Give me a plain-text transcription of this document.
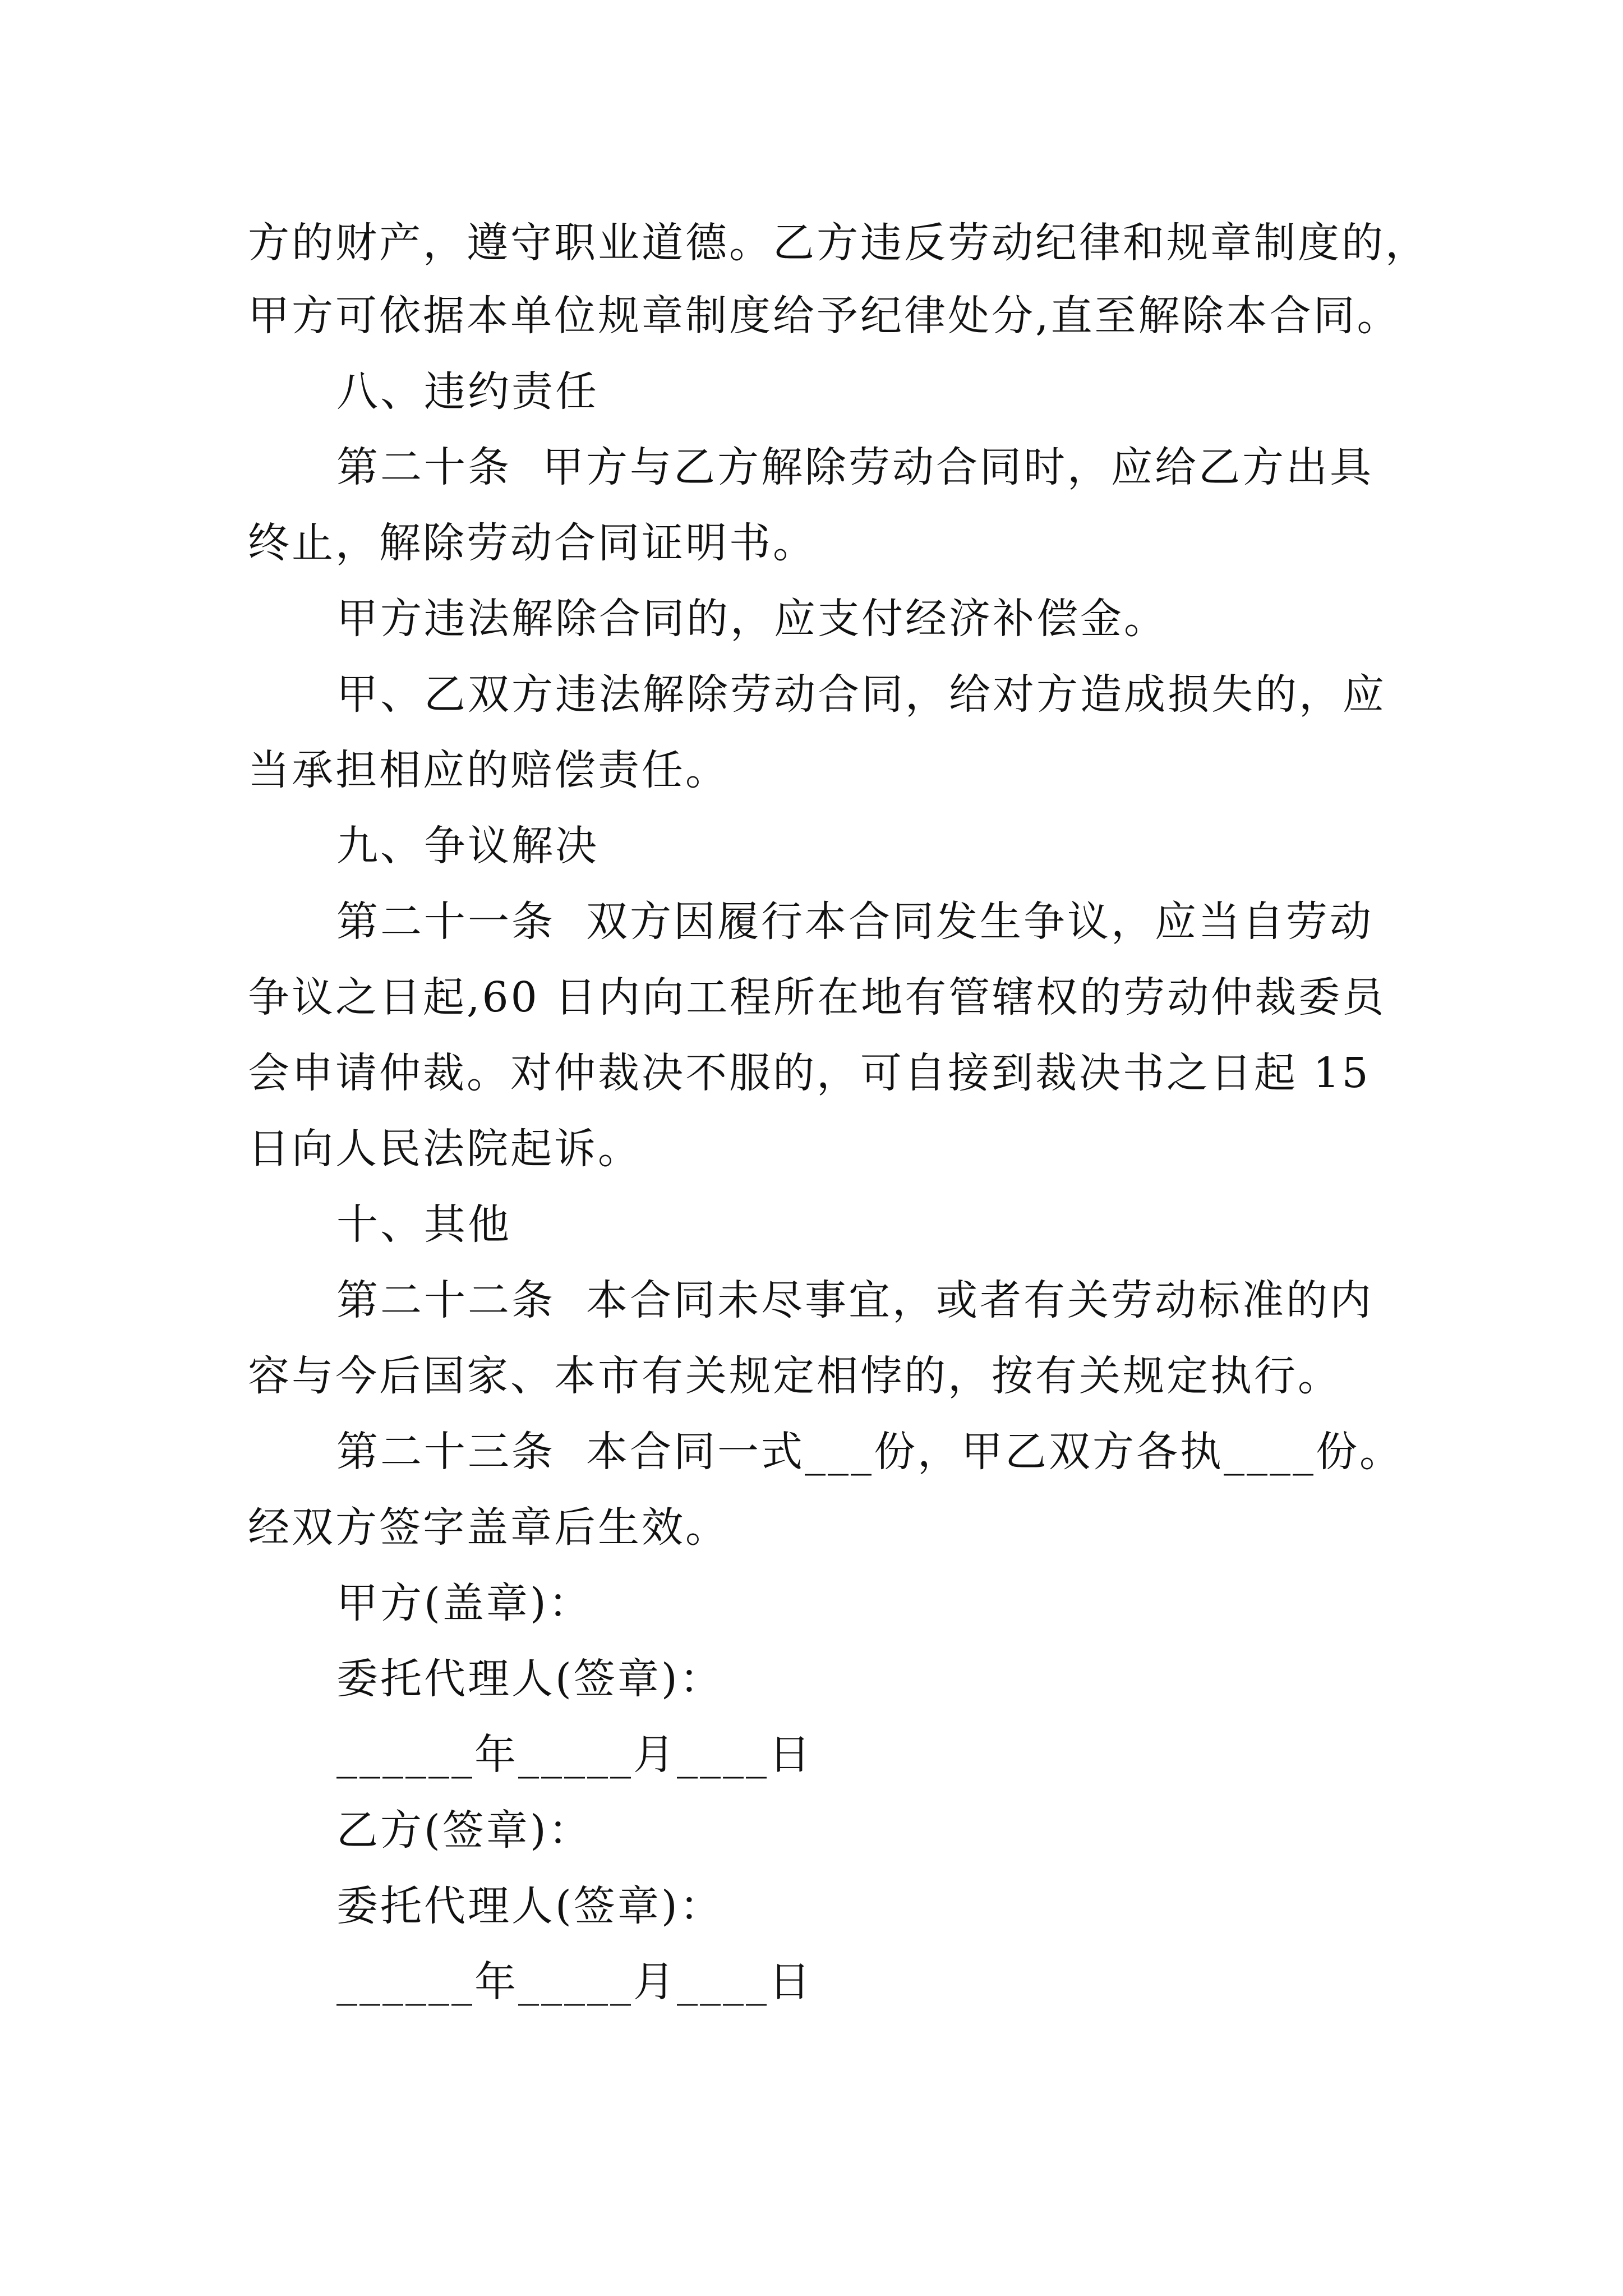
方的财产，遵守职业道德。乙方违反劳动纪律和规章制度的，

甲方可依据本单位规章制度给予纪律处分,直至解除本合同。

八、违约责任

第二十条  甲方与乙方解除劳动合同时，应给乙方出具

终止，解除劳动合同证明书。

甲方违法解除合同的，应支付经济补偿金。

甲、乙双方违法解除劳动合同，给对方造成损失的，应

当承担相应的赔偿责任。

九、争议解决

第二十一条  双方因履行本合同发生争议，应当自劳动

争议之日起,60 日内向工程所在地有管辖权的劳动仲裁委员

会申请仲裁。对仲裁决不服的，可自接到裁决书之日起 15

日向人民法院起诉。

十、其他

第二十二条  本合同未尽事宜，或者有关劳动标准的内

容与今后国家、本市有关规定相悖的，按有关规定执行。

第二十三条  本合同一式___份，甲乙双方各执____份。

经双方签字盖章后生效。

甲方(盖章)：

委托代理人(签章)：

______年_____月____日

乙方(签章)：

委托代理人(签章)：

______年_____月____日
